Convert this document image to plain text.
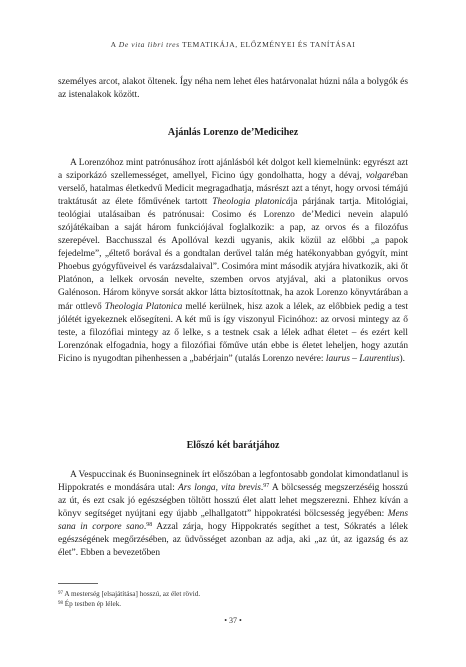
A De vita libri tres TEMATIKÁJA, ELŐZMÉNYEI ÉS TANÍTÁSAI

személyes arcot, alakot öltenek. Így néha nem lehet éles határvonalat húzni nála a bolygók és az istenalakok között.

Ajánlás Lorenzo de’Medicihez

A Lorenzóhoz mint patrónusához írott ajánlásból két dolgot kell kiemelnünk: egyrészt azt a sziporkázó szellemességet, amellyel, Ficino úgy gondolhatta, hogy a dévaj, volgaréban verselő, hatalmas életkedvű Medicit megragadhatja, másrészt azt a tényt, hogy orvosi témájú traktátusát az élete főművének tartott Theologia platonicája párjának tartja. Mitológiai, teológiai utalásaiban és patrónusai: Cosimo és Lorenzo de’Medici nevein alapuló szójátékaiban a saját három funkciójával foglalkozik: a pap, az orvos és a filozófus szerepével. Bacchusszal és Apollóval kezdi ugyanis, akik közül az előbbi „a papok fejedelme”, „éltető borával és a gondtalan derűvel talán még hatékonyabban gyógyít, mint Phoebus gyógyfüveivel és varázsdalaival”. Cosimóra mint második atyjára hivatkozik, aki őt Platónon, a lelkek orvosán nevelte, szemben orvos atyjával, aki a platonikus orvos Galénoson. Három könyve sorsát akkor látta biztosítottnak, ha azok Lorenzo könyvtárában a már ottlevő Theologia Platonica mellé kerülnek, hisz azok a lélek, az előbbiek pedig a test jólétét igyekeznek elősegíteni. A két mű is így viszonyul Ficinóhoz: az orvosi mintegy az ő teste, a filozófiai mintegy az ő lelke, s a testnek csak a lélek adhat életet – és ezért kell Lorenzónak elfogadnia, hogy a filozófiai főműve után ebbe is életet leheljen, hogy azután Ficino is nyugodtan pihenhessen a „babérjain” (utalás Lorenzo nevére: laurus – Laurentius).

Előszó két barátjához

A Vespuccinak és Buoninsegninek írt előszóban a legfontosabb gondolat kimondatlanul is Hippokratés e mondására utal: Ars longa, vita brevis.$^{97}$ A bölcsesség megszerzéséig hosszú az út, és ezt csak jó egészségben töltött hosszú élet alatt lehet megszerezni. Ehhez kíván a könyv segítséget nyújtani egy újabb „elhallgatott” hippokratési bölcsesség jegyében: Mens sana in corpore sano.$^{98}$ Azzal zárja, hogy Hippokratés segíthet a test, Sókratés a lélek egészségének megőrzésében, az üdvösséget azonban az adja, aki „az út, az igazság és az élet”. Ebben a bevezetőben

$^{97}$ A mesterség [elsajátítása] hosszú, az élet rövid.
$^{98}$ Ép testben ép lélek.
• 37 •
